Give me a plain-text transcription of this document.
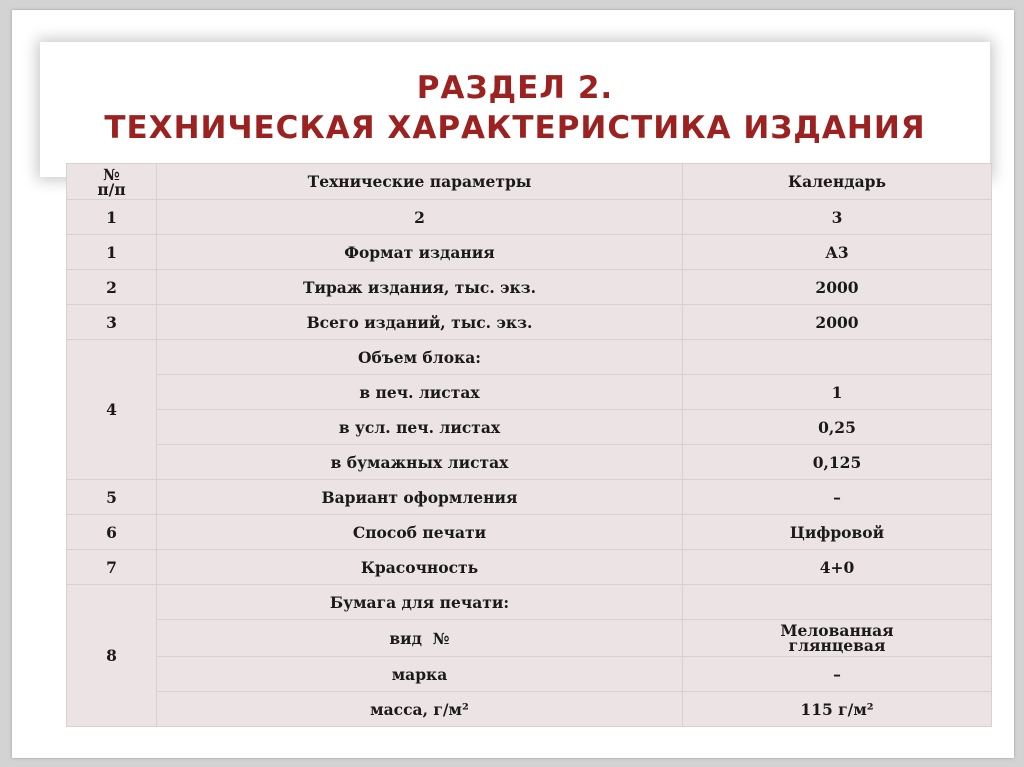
РАЗДЕЛ 2.
ТЕХНИЧЕСКАЯ ХАРАКТЕРИСТИКА ИЗДАНИЯ
№
п/п	Технические параметры	Календарь
1	2	3
1	Формат издания	А3
2	Тираж издания, тыс. экз.	2000
3	Всего изданий, тыс. экз.	2000
4	Объем блока:	
	в печ. листах	1
	в усл. печ. листах	0,25
	в бумажных листах	0,125
5	Вариант оформления	–
6	Способ печати	Цифровой
7	Красочность	4+0
8	Бумага для печати:	
	вид  №	Мелованная
глянцевая

	марка	–
	масса, г/м²	115 г/м²
